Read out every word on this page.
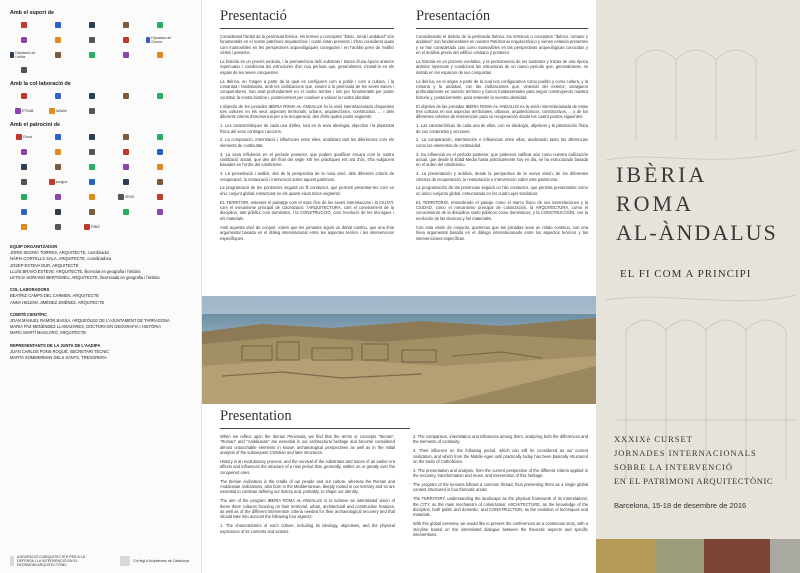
Amb el suport de
Diputació de Girona
Diputació de Lleida
Amb la col·laboració de
ETSAB	laSalle
Amb el patrocini de
Roca
sorigué
ISSSI
RIBÓ
EQUIP ORGANITZADOR
JORDI SEGRIÀ TORRES, ARQUITECTE, coordinador
NÀRIA CORTELLS SALA, ARQUITECTE, coordinadora
JOSEP ESTEVA DUR, ARQUITECTE
LLUÍS BRAVO ESTEVE, ARQUITECTE, llicenciat en geografia i història
LETICIA SORIANO BERTOMEU, ARQUITECTE, llicenciada en geografia i història
COL·LABORADORS
BEATRIZ CAMPS DEL CARMEN, ARQUITECTE
ANNA HELENA JIMÉNEZ JIMÉNEZ, ARQUITECTE
COMITÈ CIENTÍFIC
JOAN MANUEL RAMÓN BASSA, ARQUEÒLEG DE L'AJUNTAMENT DE TARRAGONA
MARIA PAZ MENÉNDEZ LLAMAZARES, DOCTORA EN GEOGRAFIA I HISTÒRIA
MARC MARTÍ MASCARÓ, ARQUITECTE
REPRESENTANTS DE LA JUNTA DE L'AADIPA
JUAN CARLOS PONS ROQUÉ, SECRETARI TÈCNIC
MARTA SOMMERMAN DELS SANTS, TRESORERA
AGRUPACIÓ D'ARQUITECTES PER A LA DEFENSA I LA INTERVENCIÓ EN EL PATRIMONI ARQUITECTÒNIC
Col·legi d'Arquitectes de Catalunya
Presentació

Considerant l'àmbit de la península Ibèrica, els termes o conceptes "ibèric, romà i andalusí" són fonamentals en el nostre patrimoni arquitectònic i conté estan presents i s'han considerat quasi com inamovibles en les perspectives arqueològiques conegudes i en l'anàlisi previ de l'edifici cristià i posterior.

La història és un procés evolutiu, i la permanència dels substrats i traces d'una època anterior repercuteix i condiciona les estructures d'un nou període que, generalment, s'instal·la en els espais de les seves conquestes.

La Ibèrica, en l'origen a partir de la qual es configuren com a poble i com a cultura, i la romanitat i l'andalusina, amb les civilitzacions que, essent a la península de les seves traces i conqueridores, han anat profundament en el nostre territori i són per fonamentals per poder construir la nostra història i, posteriorment per conèixer a valorar la nostra identitat.

L'objectiu de les jornades IBÈRIA ROMA AL-ÀNDALUS és la visió interrelacionada d'aquestes tres cultures en els seus aspectes territorials, urbans, arquitectònics, constructius, ... i dels diferents criteris d'intervenció per a la recuperació, des d'ells quatre punts següents:

1. Les característiques de cada una d'elles, tant en la seva ideologia, objectius i la plasticitat física del seus contingut i accions.

2. La comparació, interrelació i influències entre elles, analitzant tant les diferències com els elements de continuïtat.

3. La seva influència en el període posterior, que podem qualificar encara com la nostra civilització actual, que des del final del segle XIII les pràctiques ent ara d'ús, s'ha subjacent basades en l'ordre del catolicisme.

4. La presentació i anàlisi, des de la perspectiva de la nova visió, dels diferents criteris de recuperació, la restauració i intervenció sobre aquest patrimoni.

La programació de les ponències seguirà un fil conductor, que permeti presentar-les com un únic conjunt global, estructurat en els quatre eixos tancs següents:

EL TERRITORI, entenent el paisatge com el marc físic de les seves interrelacions i la CIUTAT, com el mecanisme principal de colonització, l'ARQUITECTURA, com el coneixement de la disciplina, tant públics com domèstics, i la CONSTRUCCIÓ, com l'evolució de les tècniques i els materials.

Amb aquesta visió de conjunt, volem que les jornades siguin un debat continu, que una línia argumental basada en el diàleg interrelacionat entre les aspectes teòrics i les intervencions específiques.

Presentación

Considerando el ámbito de la península Ibérica, los términos o conceptos "ibérico, romano y andalusí" son fundamentales en nuestro Patrimonio Arquitectónico y vienen estando presentes y se han considerado casi como inamovibles en las perspectivas arqueológicas conocidas y en el análisis previo del edificio cristiano y posterior.

La historia es un proceso evolutivo, y la permanencia de los sustratos y trazas de una época anterior repercute y condiciona las estructuras de un nuevo período que, generalmente, se instala en los espacios de sus conquistas.

La ibérica, en el origen a partir de la cual nos configuramos como pueblo y como cultura, y la romana y la andalusí, con las civilizaciones que, viniendo del exterior, arraigaron profundamente en nuestro territorio y fueron fundamentales para seguir construyendo nuestra historia y, posteriormente, para entender la nuestra identidad.

El objetivo de las jornadas IBÈRIA ROMA AL-ÀNDALUS es la visión interrelacionada de estas tres culturas en sus aspectos territoriales, urbanos, arquitectónicos, constructivos, ... y de los diferentes criterios de intervención para su recuperación desde los cuatro puntos siguientes:

1. Las características de cada una de ellas, con su ideología, objetivos y la plasmación física de sus contenidos y acciones.

2. La comparación, interrelación e influencias entre ellas, analizando tanto las diferencias como los elementos de continuidad.

3. Su influencia en el período posterior, que podemos calificar aún como nuestra civilización actual, que desde la Edad Media hasta prácticamente hoy en día, se ha estructurado basada en el orden del catolicismo.

4. La presentación y análisis, desde la perspectiva de la nueva visión, de los diferentes criterios de recuperación, la restauración e intervención sobre este patrimonio.

La programación de las ponencias seguirá un hilo conductor, que permita presentarlas como un único conjunto global, estructurado en los cuatro ejes temáticos:

EL TERRITORIO, entendiendo el paisaje como el marco físico de sus interrelaciones y la CIUDAD, como el mecanismo principal de colonización, la ARQUITECTURA, como el conocimiento de la disciplina, tanto públicos como domésticos, y la CONSTRUCCIÓN, con la evolución de las técnicas y los materiales.

Con esta visión de conjunto, queremos que las jornadas sean un relato continuo, con una línea argumental basada en el diálogo interrelacionado entre los aspectos teóricos y las intervenciones específicas.

Presentation

When we reflect upon the Iberian Peninsula, we find that the terms or concepts "Iberian", "Roman" and "Andalusian" are essential in our architectural heritage and become considered almost untouchable elements in known archaeological perspectives as well as in the initial analysis of the subsequent Christian and later structures.

History is an evolutionary process, and the survival of the substrates and traces of an earlier era affects and influences the structure of a new period that, generally, settles on or greatly over the conquered ones.

The Iberian civilization is the cradle of our people and our culture, whereas the Roman and Andalusian civilizations, also born in the Mediterranean, deeply rooted in our territory and so are essential to continue defining our history and, probably, to shape our identity.

The aim of the program IBERIA ROMA AL-ANDALUS is to achieve an interrelated vision of these three cultures focusing on their territorial, urban, architectural and construction features, as well as of the different intervention criteria needed for their archaeological recovery and that should take into account the following four aspects:

1. The characteristics of each culture, including its ideology, objectives, and the physical expression of its contents and actions.

2. The comparison, interrelation and influences among them, analyzing both the differences and the elements of continuity.

3. Their influence on the following period, which can still be considered as our current civilization, and which from the Middle Ages until practically today has been basically structured on the basis of Catholicism.

4. The presentation and analysis, from the current perspective of the different criteria applied in the recovery, transformation and reuse, and intervention of this heritage.

The program of the lectures follows a common thread, thus presenting them as a single global content structured in four thematic areas:

The TERRITORY, understanding the landscape as the physical framework of its interrelations; the CITY, as the main mechanism of colonization; ARCHITECTURE, as the knowledge of the discipline, both public and domestic; and CONSTRUCTION, as the evolution of techniques and materials.

With this global overview, we would like to present the conferences as a continuous story, with a storyline based on the interrelated dialogue between the theoretic aspects and specific interventions.

IBÈRIA
ROMA
AL-ÀNDALUS
EL FI COM A PRINCIPI
XXXIXè CURSET
JORNADES INTERNACIONALS
SOBRE LA INTERVENCIÓ
EN EL PATRIMONI ARQUITECTÒNIC
Barcelona, 15-18 de desembre de 2016
